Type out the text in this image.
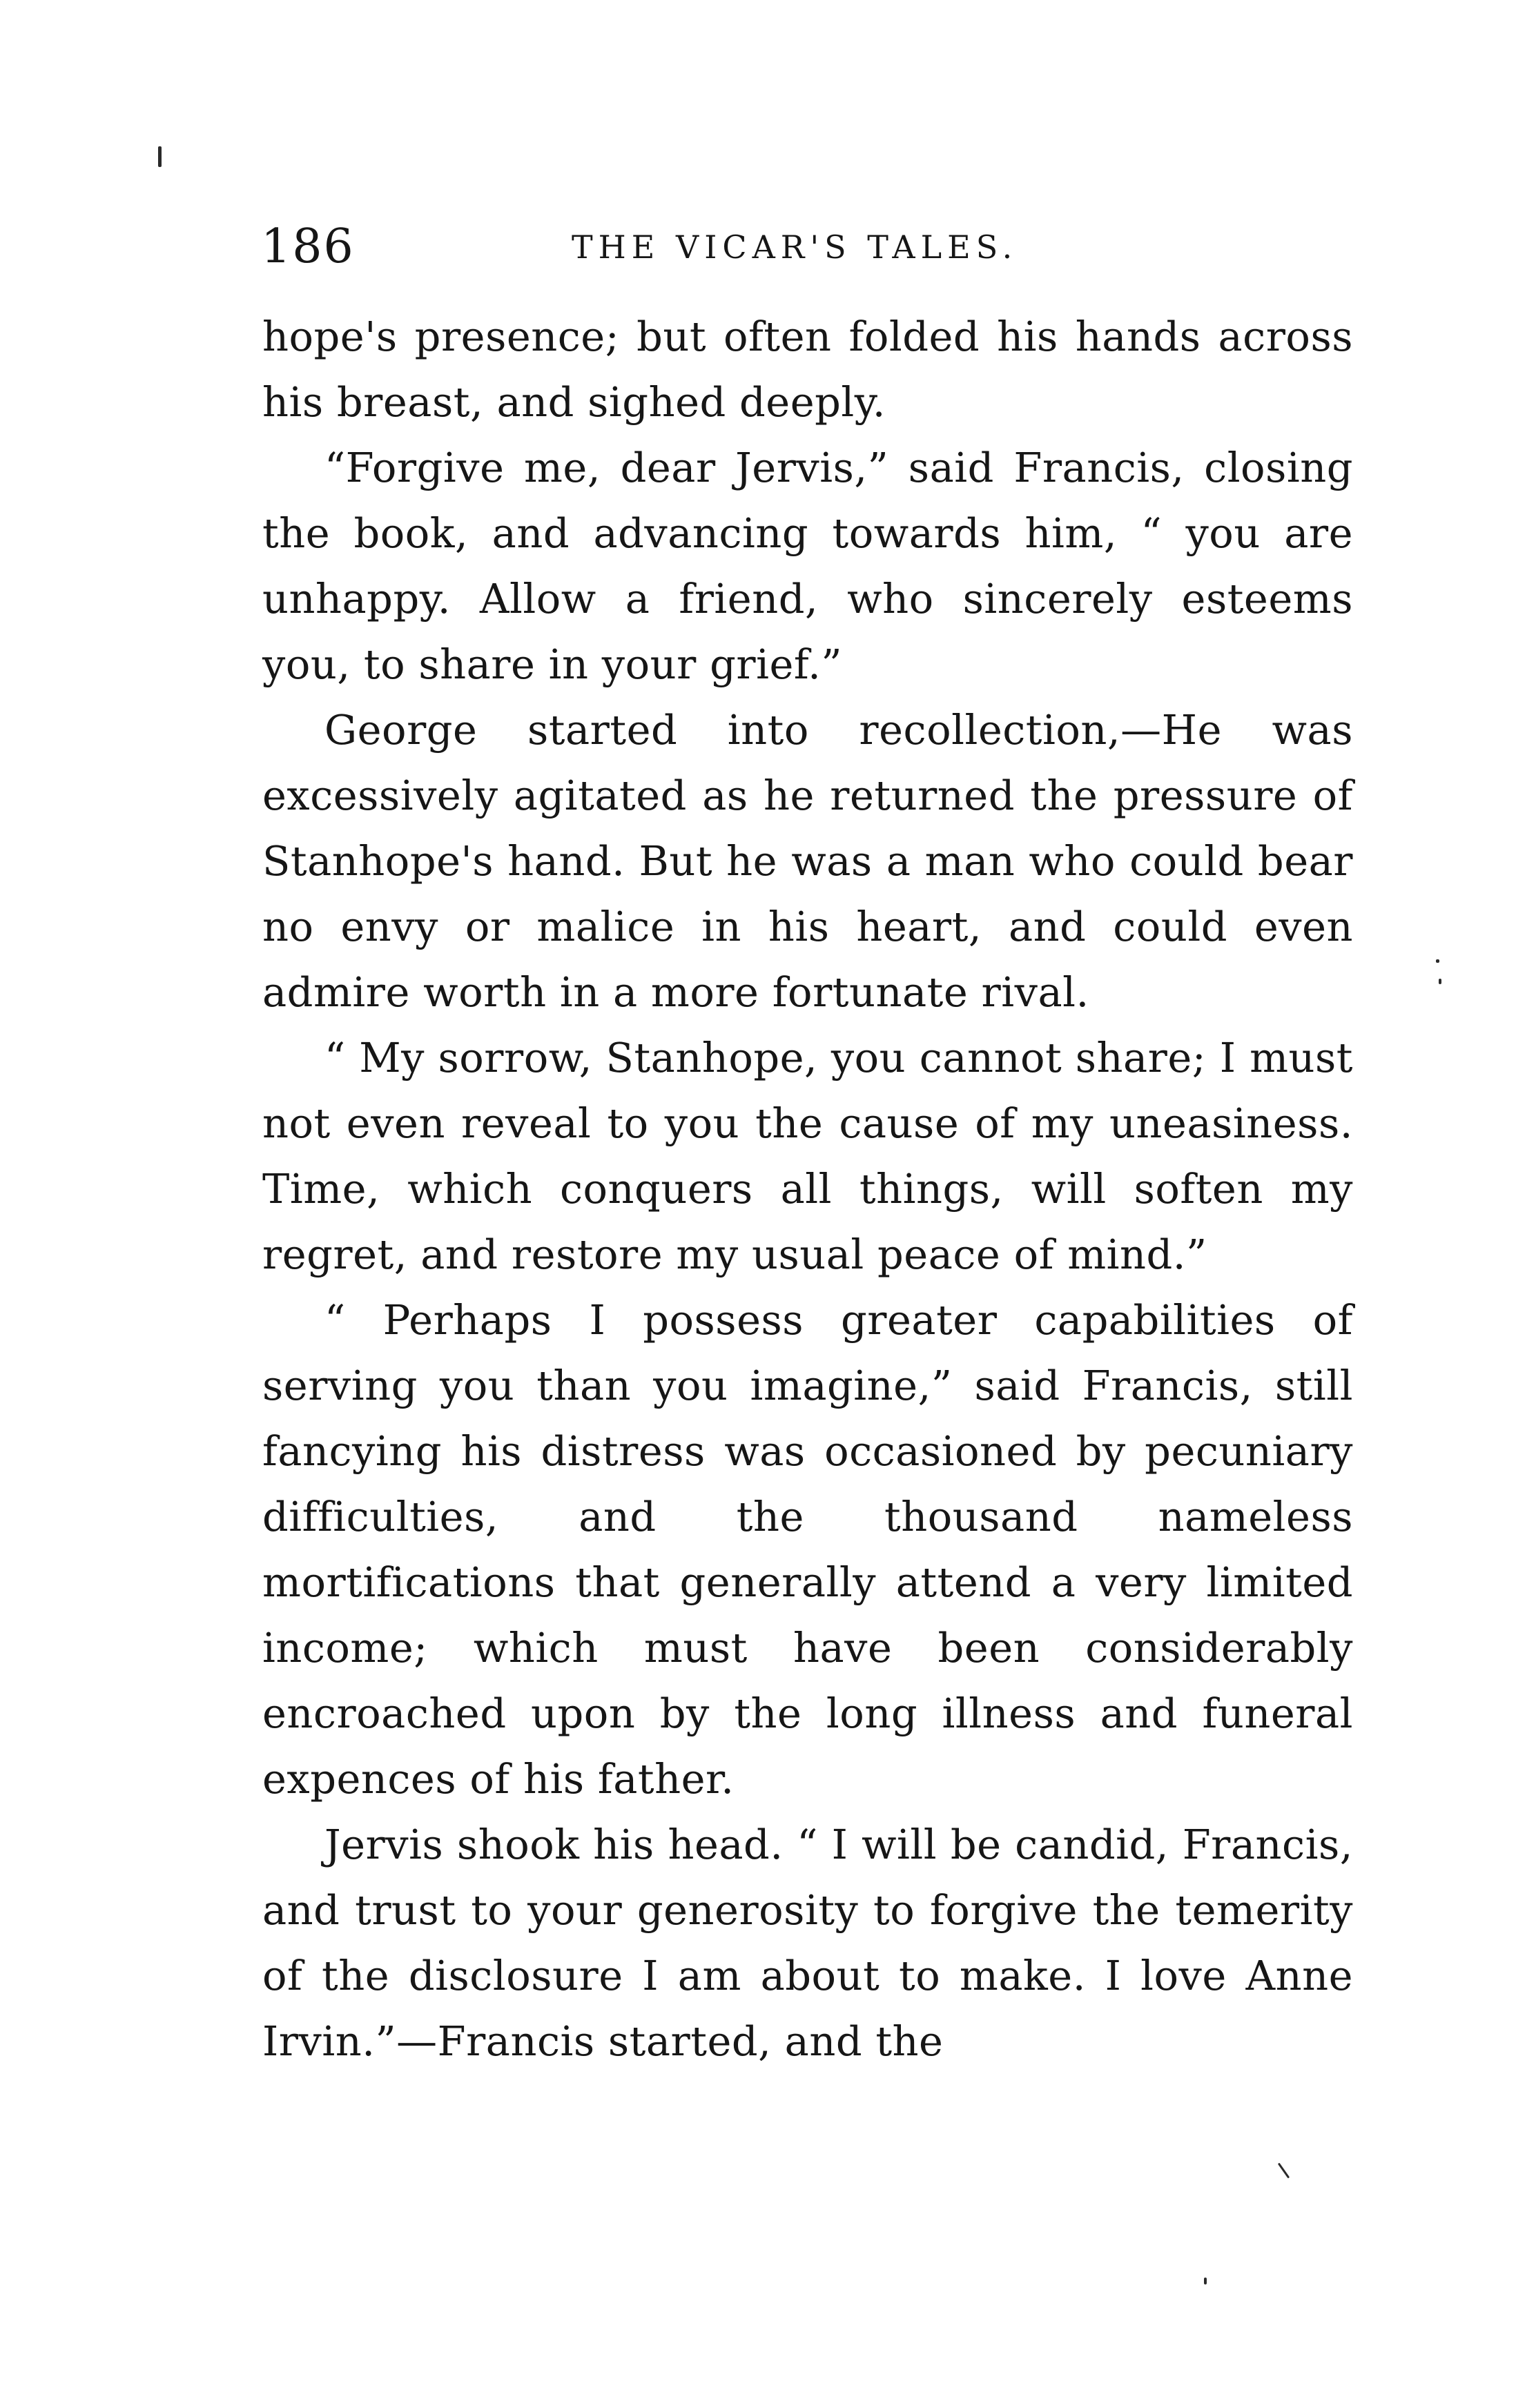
186	THE VICAR'S TALES.

hope's presence; but often folded his hands across his breast, and sighed deeply.

“Forgive me, dear Jervis,” said Francis, closing the book, and advancing towards him, “ you are unhappy. Allow a friend, who sincerely esteems you, to share in your grief.”

George started into recollection,—He was excessively agitated as he returned the pressure of Stanhope's hand. But he was a man who could bear no envy or malice in his heart, and could even admire worth in a more fortunate rival.

“ My sorrow, Stanhope, you cannot share; I must not even reveal to you the cause of my uneasiness. Time, which conquers all things, will soften my regret, and restore my usual peace of mind.”

“ Perhaps I possess greater capabilities of serving you than you imagine,” said Francis, still fancying his distress was occasioned by pecuniary difficulties, and the thousand nameless mortifications that generally attend a very limited income; which must have been considerably encroached upon by the long illness and funeral expences of his father.

Jervis shook his head. “ I will be candid, Francis, and trust to your generosity to forgive the temerity of the disclosure I am about to make. I love Anne Irvin.”—Francis started, and the
